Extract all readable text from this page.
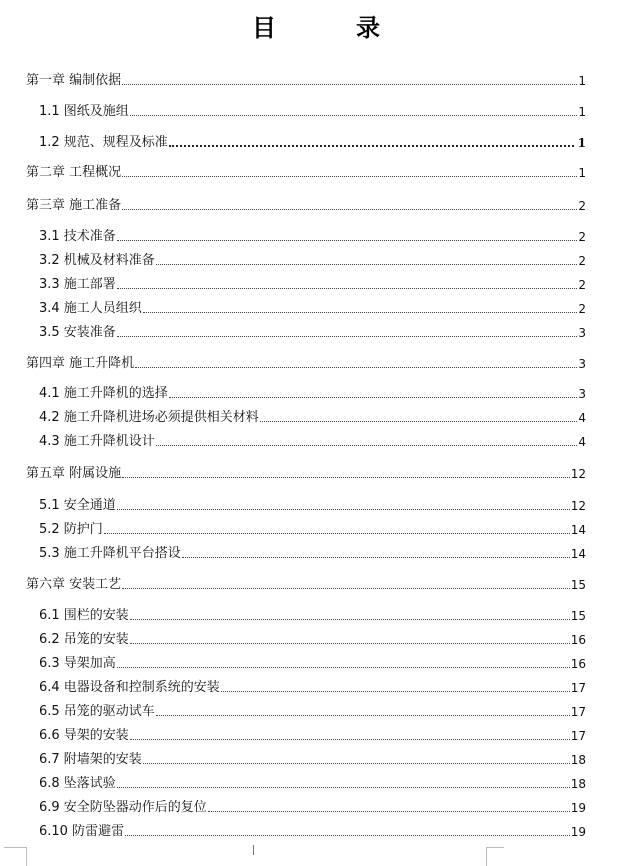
目　录
第一章 编制依据	1
1.1 图纸及施组	1
1.2 规范、规程及标准	1
第二章 工程概况	1
第三章 施工准备	2
3.1 技术准备	2
3.2 机械及材料准备	2
3.3 施工部署	2
3.4 施工人员组织	2
3.5 安装准备	3
第四章 施工升降机	3
4.1 施工升降机的选择	3
4.2 施工升降机进场必须提供相关材料	4
4.3 施工升降机设计	4
第五章 附属设施	12
5.1 安全通道	12
5.2 防护门	14
5.3 施工升降机平台搭设	14
第六章 安装工艺	15
6.1 围栏的安装	15
6.2 吊笼的安装	16
6.3 导架加高	16
6.4 电器设备和控制系统的安装	17
6.5 吊笼的驱动试车	17
6.6 导架的安装	17
6.7 附墙架的安装	18
6.8 坠落试验	18
6.9 安全防坠器动作后的复位	19
6.10 防雷避雷	19
